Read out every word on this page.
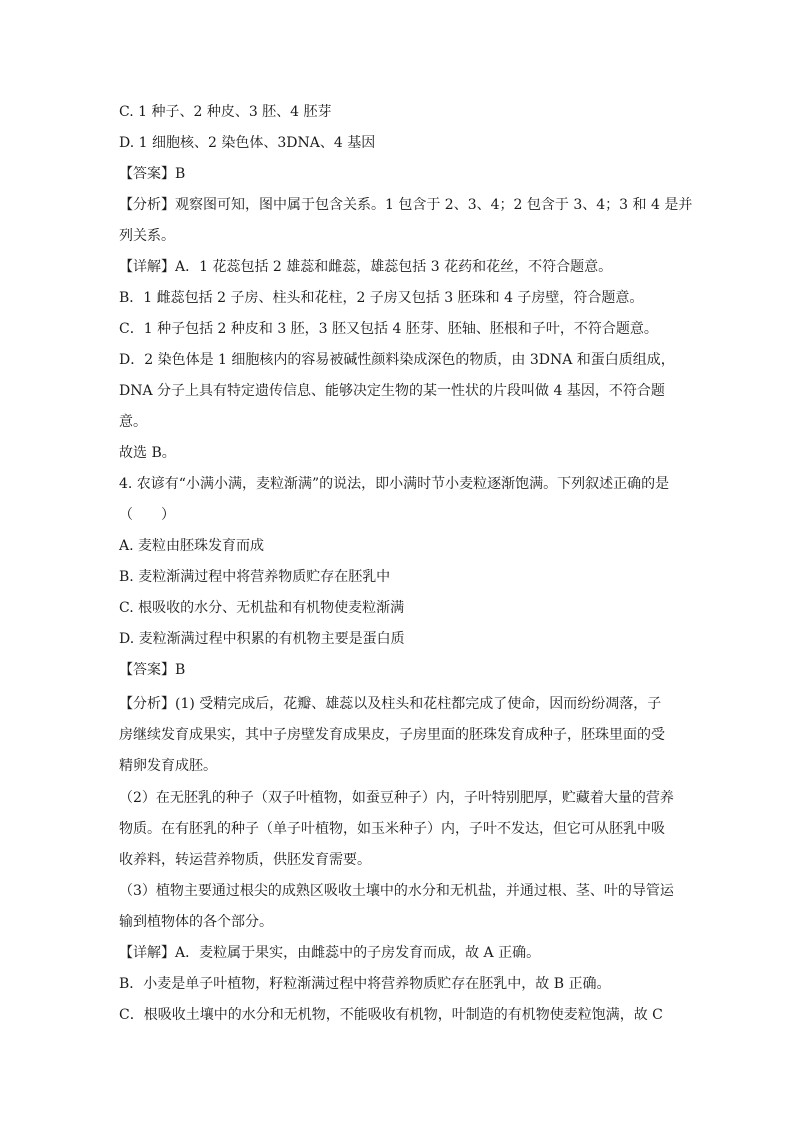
C. 1 种子、2 种皮、3 胚、4 胚芽
D. 1 细胞核、2 染色体、3DNA、4 基因
【答案】B
【分析】观察图可知，图中属于包含关系。1 包含于 2、3、4；2 包含于 3、4；3 和 4 是并
列关系。
【详解】A．1 花蕊包括 2 雄蕊和雌蕊，雄蕊包括 3 花药和花丝，不符合题意。
B．1 雌蕊包括 2 子房、柱头和花柱，2 子房又包括 3 胚珠和 4 子房壁，符合题意。
C．1 种子包括 2 种皮和 3 胚，3 胚又包括 4 胚芽、胚轴、胚根和子叶，不符合题意。
D．2 染色体是 1 细胞核内的容易被碱性颜料染成深色的物质，由 3DNA 和蛋白质组成，
DNA 分子上具有特定遗传信息、能够决定生物的某一性状的片段叫做 4 基因，不符合题
意。
故选 B。
4. 农谚有“小满小满，麦粒渐满”的说法，即小满时节小麦粒逐渐饱满。下列叙述正确的是
（　　）
A. 麦粒由胚珠发育而成
B. 麦粒渐满过程中将营养物质贮存在胚乳中
C. 根吸收的水分、无机盐和有机物使麦粒渐满
D. 麦粒渐满过程中积累的有机物主要是蛋白质
【答案】B
【分析】(1) 受精完成后，花瓣、雄蕊以及柱头和花柱都完成了使命，因而纷纷凋落，子
房继续发育成果实，其中子房壁发育成果皮，子房里面的胚珠发育成种子，胚珠里面的受
精卵发育成胚。
（2）在无胚乳的种子（双子叶植物，如蚕豆种子）内，子叶特别肥厚，贮藏着大量的营养
物质。在有胚乳的种子（单子叶植物，如玉米种子）内，子叶不发达，但它可从胚乳中吸
收养料，转运营养物质，供胚发育需要。
（3）植物主要通过根尖的成熟区吸收土壤中的水分和无机盐，并通过根、茎、叶的导管运
输到植物体的各个部分。
【详解】A．麦粒属于果实，由雌蕊中的子房发育而成，故 A 正确。
B．小麦是单子叶植物，籽粒渐满过程中将营养物质贮存在胚乳中，故 B 正确。
C．根吸收土壤中的水分和无机物，不能吸收有机物，叶制造的有机物使麦粒饱满，故 C
